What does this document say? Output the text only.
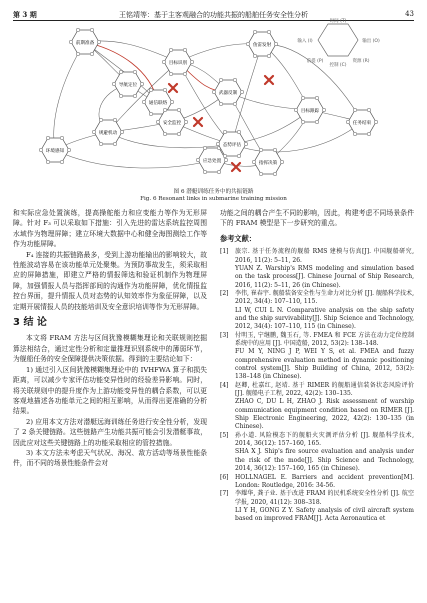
第 3 期	王铭靖等：基于主客观融合的功能共振的船舶任务安全性分析	43
时间 (T)
输入 (I)	输出 (O)
前提 (P)	资源 (R)
控制 (C)
前期准备
目标识别
鱼雷发射
导航定位
武器反制
通信联络
目标跟踪
规避机动
环境感知
安全监控
应急处置
态势评估
指挥决策
任务结束
图 6 潜艇训练任务中的共振链路
Fig. 6 Resonant links in submarine training mission

和实际应急处置演练，提高操舵能力和应变能力等作为无形屏障。针对 F₃ 可以采取如下措施：引入先进的雷达系统监控周围水域作为物理屏障；建立环境大数据中心和健全海图测绘工作等作为功能屏障。

F₄ 连接的共振链路最多，受到上游功能输出的影响较大，故性能波动容易在该功能单元处聚集。为预防事故发生，须采取相应的屏障措施，即建立严格的情报筛选和验证机制作为物理屏障，加强情报人员与指挥部间的沟通作为功能屏障，优化情报监控台界面，提升情报人员对态势的认知效率作为象征屏障，以及定期开展情报人员的技能培训及安全意识培训等作为无形屏障。

3 结 论

本文将 FRAM 方法与区间犹豫模糊集理论和关联规则挖掘算法相结合，通过定性分析和定量推理识别系统中的薄弱环节，为舰船任务的安全保障提供决策依据。得到的主要结论如下：

1) 通过引入区间犹豫模糊集理论中的 IVHFWA 算子和损失距离，可以减少专家评估功能变异性时的经验差异影响。同时，将关联规则中的提升度作为上游功能变异性的耦合系数，可以更客观地描述各功能单元之间的相互影响，从而得出更准确的分析结果。

2) 应用本文方法对潜艇远海训练任务进行安全性分析，发现了 2 条关键链路。这些链路产生功能共振可能会引发潜艇事故，因此应对这些关键链路上的功能采取相应的管控措施。

3) 本文方法未考虑天气状况、海况、敌方活动等场景性能条件，而不同的场景性能条件会对

功能之间的耦合产生不同的影响，因此，构建考虑不同场景条件下的 FRAM 模型是下一步研究的重点。

参考文献：
[1] 旅宗. 基于任务流程的舰船 RMS 建模与仿真[J]. 中国舰船研究, 2016, 11(2): 5–11, 26.

YUAN Z. Warship's RMS modeling and simulation based on the task process[J]. Chinese Journal of Ship Research, 2016, 11(2): 5–11, 26 (in Chinese).

[2] 李伟, 崔春宇. 舰船装备安全性与生命力对比分析 [J]. 舰船科学技术, 2012, 34(4): 107–110, 115.

LI W, CUI L N. Comparative analysis on the ship safety and the ship survivability[J]. Ship Science and Technology, 2012, 34(4): 107–110, 115 (in Chinese).

[3] 付明玉, 宁继鹏, 魏玉石, 等. FMEA 和 FCE 方法在动力定位控制系统中的应用 [J]. 中国造船, 2012, 53(2): 138–148.

FU M Y, NING J P, WEI Y S, et al. FMEA and fuzzy comprehensive evaluation method in dynamic positioning control system[J]. Ship Building of China, 2012, 53(2): 138–148 (in Chinese).

[4] 赵卿, 杜嘉红, 赵靖. 基于 RIMER 的舰船通信装备状态风险评价 [J]. 舰船电子工程, 2022, 42(2): 130–135.

ZHAO C, DU L H, ZHAO J. Risk assessment of warship communication equipment condition based on RIMER [J]. Ship Electronic Engineering, 2022, 42(2): 130–135 (in Chinese).

[5] 孙小道. 风险模态下的舰船火灾测评估分析 [J]. 舰船科学技术, 2014, 36(12): 157–160, 165.

SHA X J. Ship's fire source evaluation and analysis under the risk of the mode[J]. Ship Science and Technology, 2014, 36(12): 157–160, 165 (in Chinese).

[6] HOLLNAGEL E. Barriers and accident prevention[M]. London: Routledge, 2016: 34-56.

[7] 李耀华, 龚子业. 基于改进 FRAM 的民机系统安全性分析 [J]. 航空学报, 2020, 41(12): 308–318.

LI Y H, GONG Z Y. Safety analysis of civil aircraft system based on improved FRAM[J]. Acta Aeronautica et
